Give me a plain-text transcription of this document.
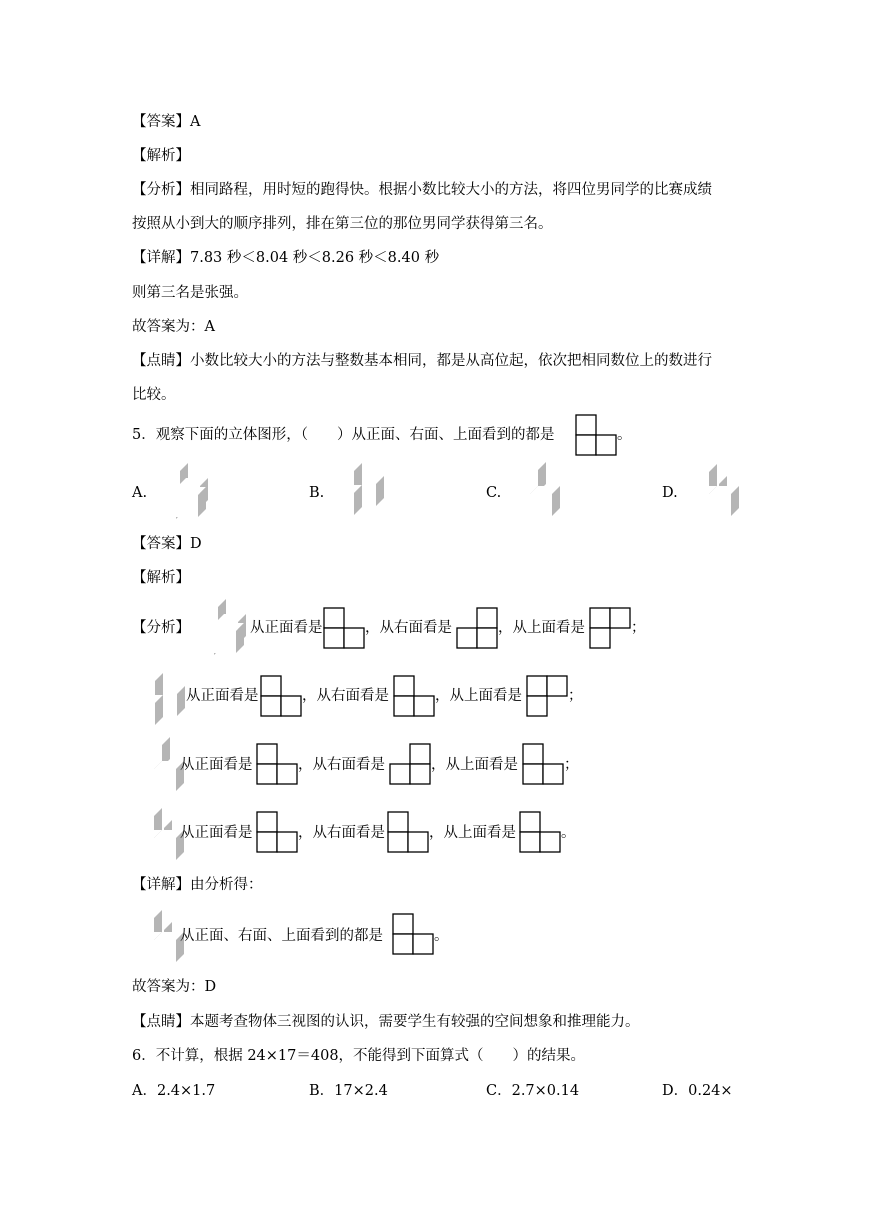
【答案】A
【解析】
【分析】相同路程，用时短的跑得快。根据小数比较大小的方法，将四位男同学的比赛成绩
按照从小到大的顺序排列，排在第三位的那位男同学获得第三名。
【详解】7.83 秒＜8.04 秒＜8.26 秒＜8.40 秒
则第三名是张强。
故答案为：A
【点睛】小数比较大小的方法与整数基本相同，都是从高位起，依次把相同数位上的数进行
比较。
5．观察下面的立体图形，（　　）从正面、右面、上面看到的都是	。
A.	B.	C.	D.
【答案】D
【解析】
【分析】	从正面看是	，从右面看是	，从上面看是	；
从正面看是	，从右面看是	，从上面看是	；
从正面看是	，从右面看是	，从上面看是	；
从正面看是	，从右面看是	，从上面看是	。
【详解】由分析得：
从正面、右面、上面看到的都是	。
故答案为：D
【点睛】本题考查物体三视图的认识，需要学生有较强的空间想象和推理能力。
6．不计算，根据 24×17＝408，不能得到下面算式（　　）的结果。
A．2.4×1.7	B．17×2.4	C．2.7×0.14	D．0.24×
